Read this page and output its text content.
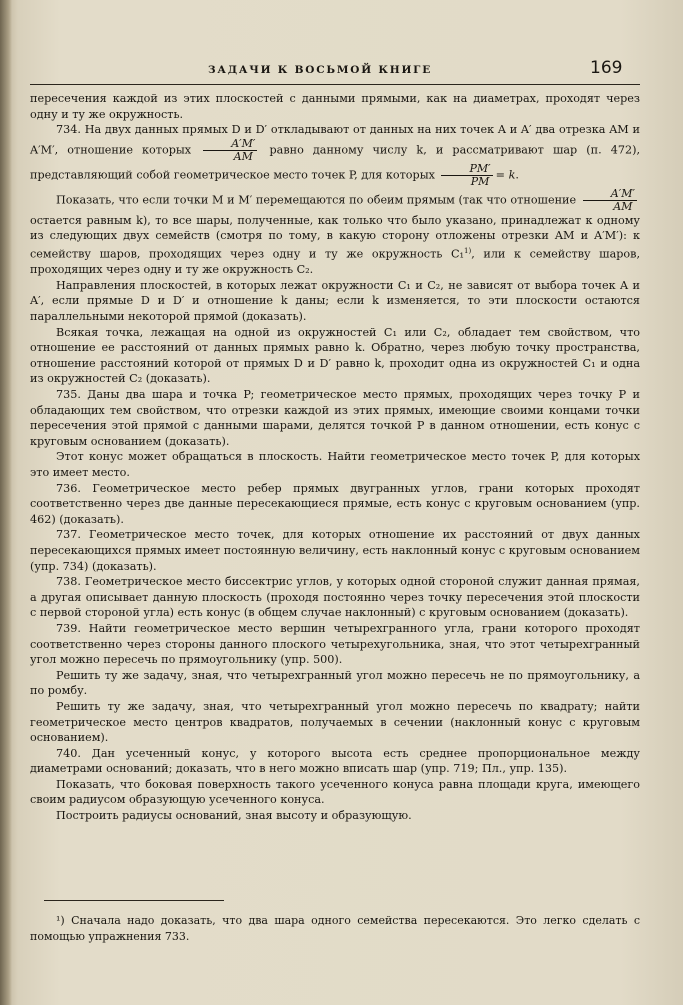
ЗАДАЧИ К ВОСЬМОЙ КНИГЕ	169

пересечения каждой из этих плоскостей с данными прямыми, как на диаметрах, проходят через одну и ту же окружность.

734. На двух данных прямых D и D′ откладывают от данных на них точек A и A′ два отрезка AM и A′M′, отношение которых $\frac{A'M'}{AM}$ равно данному числу k, и рассматривают шар (п. 472), представляющий собой геометрическое место точек P, для которых $\frac{PM'}{PM} = k$.

Показать, что если точки M и M′ перемещаются по обеим прямым (так что отношение $\frac{A'M'}{AM}$
остается равным k), то все шары, полученные, как только что было указано, принадлежат к одному из следующих двух семейств (смотря по тому, в какую сторону отложены отрезки AM и A′M′): к семейству шаров, проходящих через одну и ту же окружность C₁$^{1)}$, или к семейству шаров, проходящих через одну и ту же окружность C₂.

Направления плоскостей, в которых лежат окружности C₁ и C₂, не зависят от выбора точек A и A′, если прямые D и D′ и отношение k даны; если k изменяется, то эти плоскости остаются параллельными некоторой прямой (доказать).

Всякая точка, лежащая на одной из окружностей C₁ или C₂, обладает тем свойством, что отношение ее расстояний от данных прямых равно k. Обратно, через любую точку пространства, отношение расстояний которой от прямых D и D′ равно k, проходит одна из окружностей C₁ и одна из окружностей C₂ (доказать).

735. Даны два шара и точка P; геометрическое место прямых, проходящих через точку P и обладающих тем свойством, что отрезки каждой из этих прямых, имеющие своими концами точки пересечения этой прямой с данными шарами, делятся точкой P в данном отношении, есть конус с круговым основанием (доказать).

Этот конус может обращаться в плоскость. Найти геометрическое место точек P, для которых это имеет место.

736. Геометрическое место ребер прямых двугранных углов, грани которых проходят соответственно через две данные пересекающиеся прямые, есть конус с круговым основанием (упр. 462) (доказать).

737. Геометрическое место точек, для которых отношение их расстояний от двух данных пересекающихся прямых имеет постоянную величину, есть наклонный конус с круговым основанием (упр. 734) (доказать).

738. Геометрическое место биссектрис углов, у которых одной стороной служит данная прямая, а другая описывает данную плоскость (проходя постоянно через точку пересечения этой плоскости с первой стороной угла) есть конус (в общем случае наклонный) с круговым основанием (доказать).

739. Найти геометрическое место вершин четырехгранного угла, грани которого проходят соответственно через стороны данного плоского четырехугольника, зная, что этот четырехгранный угол можно пересечь по прямоугольнику (упр. 500).

Решить ту же задачу, зная, что четырехгранный угол можно пересечь не по прямоугольнику, а по ромбу.

Решить ту же задачу, зная, что четырехгранный угол можно пересечь по квадрату; найти геометрическое место центров квадратов, получаемых в сечении (наклонный конус с круговым основанием).

740. Дан усеченный конус, у которого высота есть среднее пропорциональное между диаметрами оснований; доказать, что в него можно вписать шар (упр. 719; Пл., упр. 135).

Показать, что боковая поверхность такого усеченного конуса равна площади круга, имеющего своим радиусом образующую усеченного конуса.

Построить радиусы оснований, зная высоту и образующую.

¹) Сначала надо доказать, что два шара одного семейства пересекаются. Это легко сделать с помощью упражнения 733.
